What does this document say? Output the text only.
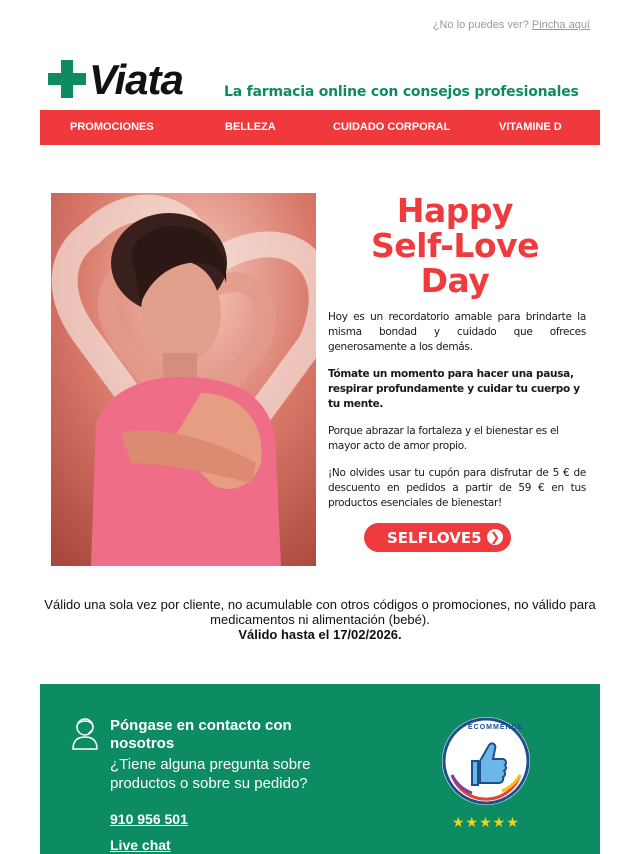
¿No lo puedes ver? Pincha aquí
Viata	La farmacia online con consejos profesionales
PROMOCIONES	BELLEZA	CUIDADO CORPORAL	VITAMINE D
Happy
Self-Love
Day

Hoy es un recordatorio amable para brindarte la misma bondad y cuidado que ofreces generosamente a los demás.

Tómate un momento para hacer una pausa, respirar profundamente y cuidar tu cuerpo y tu mente.

Porque abrazar la fortaleza y el bienestar es el mayor acto de amor propio.

¡No olvides usar tu cupón para disfrutar de 5 € de descuento en pedidos a partir de 59 € en tus productos esenciales de bienestar!

SELFLOVE5 ❯
Válido una sola vez por cliente, no acumulable con otros códigos o promociones, no válido para medicamentos ni alimentación (bebé).
Válido hasta el 17/02/2026.
Póngase en contacto con nosotros
¿Tiene alguna pregunta sobre productos o sobre su pedido?
910 956 501
Live chat
ECOMMERCE
★★★★★
